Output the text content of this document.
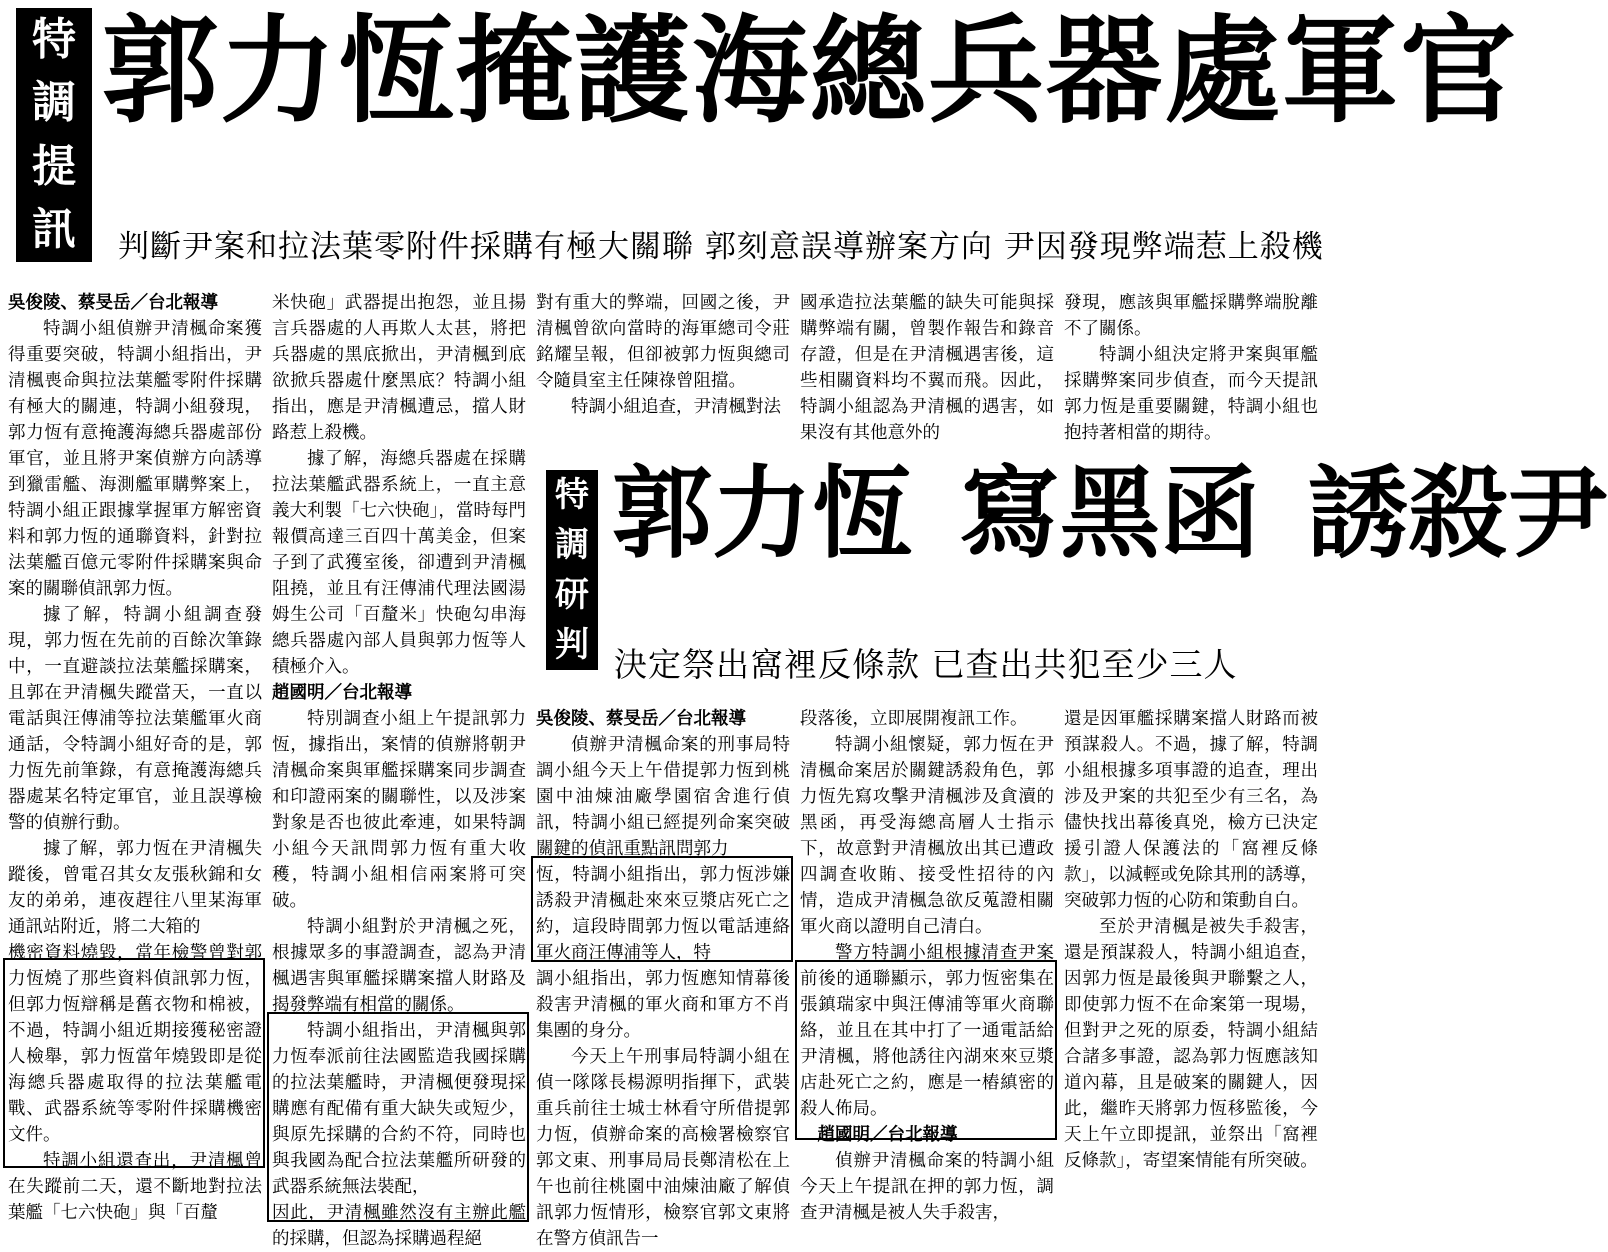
特
調
提
訊
郭力恆掩護海總兵器處軍官
判斷尹案和拉法葉零附件採購有極大關聯 郭刻意誤導辦案方向 尹因發現弊端惹上殺機
吳俊陵、蔡旻岳／台北報導

特調小組偵辦尹清楓命案獲得重要突破，特調小組指出，尹清楓喪命與拉法葉艦零附件採購有極大的關連，特調小組發現，郭力恆有意掩護海總兵器處部份軍官，並且將尹案偵辦方向誘導到獵雷艦、海測艦軍購弊案上，特調小組正跟據掌握軍方解密資料和郭力恆的通聯資料，針對拉法葉艦百億元零附件採購案與命案的關聯偵訊郭力恆。

據了解，特調小組調查發現，郭力恆在先前的百餘次筆錄中，一直避談拉法葉艦採購案，且郭在尹清楓失蹤當天，一直以電話與汪傳浦等拉法葉艦軍火商通話，令特調小組好奇的是，郭力恆先前筆錄，有意掩護海總兵器處某名特定軍官，並且誤導檢警的偵辦行動。

據了解，郭力恆在尹清楓失蹤後，曾電召其女友張秋錦和女友的弟弟，連夜趕往八里某海軍通訊站附近，將二大箱的

機密資料燒毀，當年檢警曾對郭力恆燒了那些資料偵訊郭力恆，但郭力恆辯稱是舊衣物和棉被，不過，特調小組近期接獲秘密證人檢舉，郭力恆當年燒毀即是從海總兵器處取得的拉法葉艦電戰、武器系統等零附件採購機密文件。

特調小組還查出，尹清楓曾在失蹤前二天，還不斷地對拉法葉艦「七六快砲」與「百釐

米快砲」武器提出抱怨，並且揚言兵器處的人再欺人太甚，將把兵器處的黑底掀出，尹清楓到底欲掀兵器處什麼黑底？特調小組指出，應是尹清楓遭忌，擋人財路惹上殺機。

據了解，海總兵器處在採購拉法葉艦武器系統上，一直主意義大利製「七六快砲」，當時每門報價高達三百四十萬美金，但案子到了武獲室後，卻遭到尹清楓阻撓，並且有汪傳浦代理法國湯姆生公司「百釐米」快砲勾串海總兵器處內部人員與郭力恆等人積極介入。

對有重大的弊端，回國之後，尹清楓曾欲向當時的海軍總司令莊銘耀呈報，但卻被郭力恆與總司令隨員室主任陳祿曾阻擋。

特調小組追查，尹清楓對法

國承造拉法葉艦的缺失可能與採購弊端有關，曾製作報告和錄音存證，但是在尹清楓遇害後，這些相關資料均不翼而飛。因此，特調小組認為尹清楓的遇害，如果沒有其他意外的

發現，應該與軍艦採購弊端脫離不了關係。

特調小組決定將尹案與軍艦採購弊案同步偵查，而今天提訊郭力恆是重要關鍵，特調小組也抱持著相當的期待。

趙國明／台北報導

特別調查小組上午提訊郭力恆，據指出，案情的偵辦將朝尹清楓命案與軍艦採購案同步調查和印證兩案的關聯性，以及涉案對象是否也彼此牽連，如果特調小組今天訊問郭力恆有重大收穫，特調小組相信兩案將可突破。

特調小組對於尹清楓之死，根據眾多的事證調查，認為尹清楓遇害與軍艦採購案擋人財路及揭發弊端有相當的關係。

特調小組指出，尹清楓與郭力恆奉派前往法國監造我國採購的拉法葉艦時，尹清楓便發現採購應有配備有重大缺失或短少，與原先採購的合約不符，同時也與我國為配合拉法葉艦所研發的武器系統無法裝配，

因此，尹清楓雖然沒有主辦此艦的採購，但認為採購過程絕

特
調
研
判
郭力恆 寫黑函 誘殺尹
決定祭出窩裡反條款 已查出共犯至少三人
吳俊陵、蔡旻岳／台北報導

偵辦尹清楓命案的刑事局特調小組今天上午借提郭力恆到桃園中油煉油廠學園宿舍進行偵訊，特調小組已經提列命案突破關鍵的偵訊重點訊問郭力

恆，特調小組指出，郭力恆涉嫌誘殺尹清楓赴來來豆漿店死亡之約，這段時間郭力恆以電話連絡軍火商汪傳浦等人，特

調小組指出，郭力恆應知情幕後殺害尹清楓的軍火商和軍方不肖集團的身分。

今天上午刑事局特調小組在偵一隊隊長楊源明指揮下，武裝重兵前往士城士林看守所借提郭力恆，偵辦命案的高檢署檢察官郭文東、刑事局局長鄭清松在上午也前往桃園中油煉油廠了解偵訊郭力恆情形，檢察官郭文東將在警方偵訊告一

段落後，立即展開複訊工作。

特調小組懷疑，郭力恆在尹清楓命案居於關鍵誘殺角色，郭力恆先寫攻擊尹清楓涉及貪瀆的黑函，再受海總高層人士指示下，故意對尹清楓放出其已遭政四調查收賄、接受性招待的內情，造成尹清楓急欲反蒐證相關軍火商以證明自己清白。

警方特調小組根據清查尹案前後的通聯顯示，郭力恆密集在張鎮瑞家中與汪傳浦等軍火商聯絡，並且在其中打了一通電話給尹清楓，將他誘往內湖來來豆漿店赴死亡之約，應是一樁縝密的殺人佈局。

趙國明／台北報導

偵辦尹清楓命案的特調小組今天上午提訊在押的郭力恆，調查尹清楓是被人失手殺害，

還是因軍艦採購案擋人財路而被預謀殺人。不過，據了解，特調小組根據多項事證的追查，理出涉及尹案的共犯至少有三名，為儘快找出幕後真兇，檢方已決定援引證人保護法的「窩裡反條款」，以減輕或免除其刑的誘導，突破郭力恆的心防和策動自白。

至於尹清楓是被失手殺害，還是預謀殺人，特調小組追查，因郭力恆是最後與尹聯繫之人，即使郭力恆不在命案第一現場，但對尹之死的原委，特調小組結合諸多事證，認為郭力恆應該知道內幕，且是破案的關鍵人，因此，繼昨天將郭力恆移監後，今天上午立即提訊，並祭出「窩裡反條款」，寄望案情能有所突破。
